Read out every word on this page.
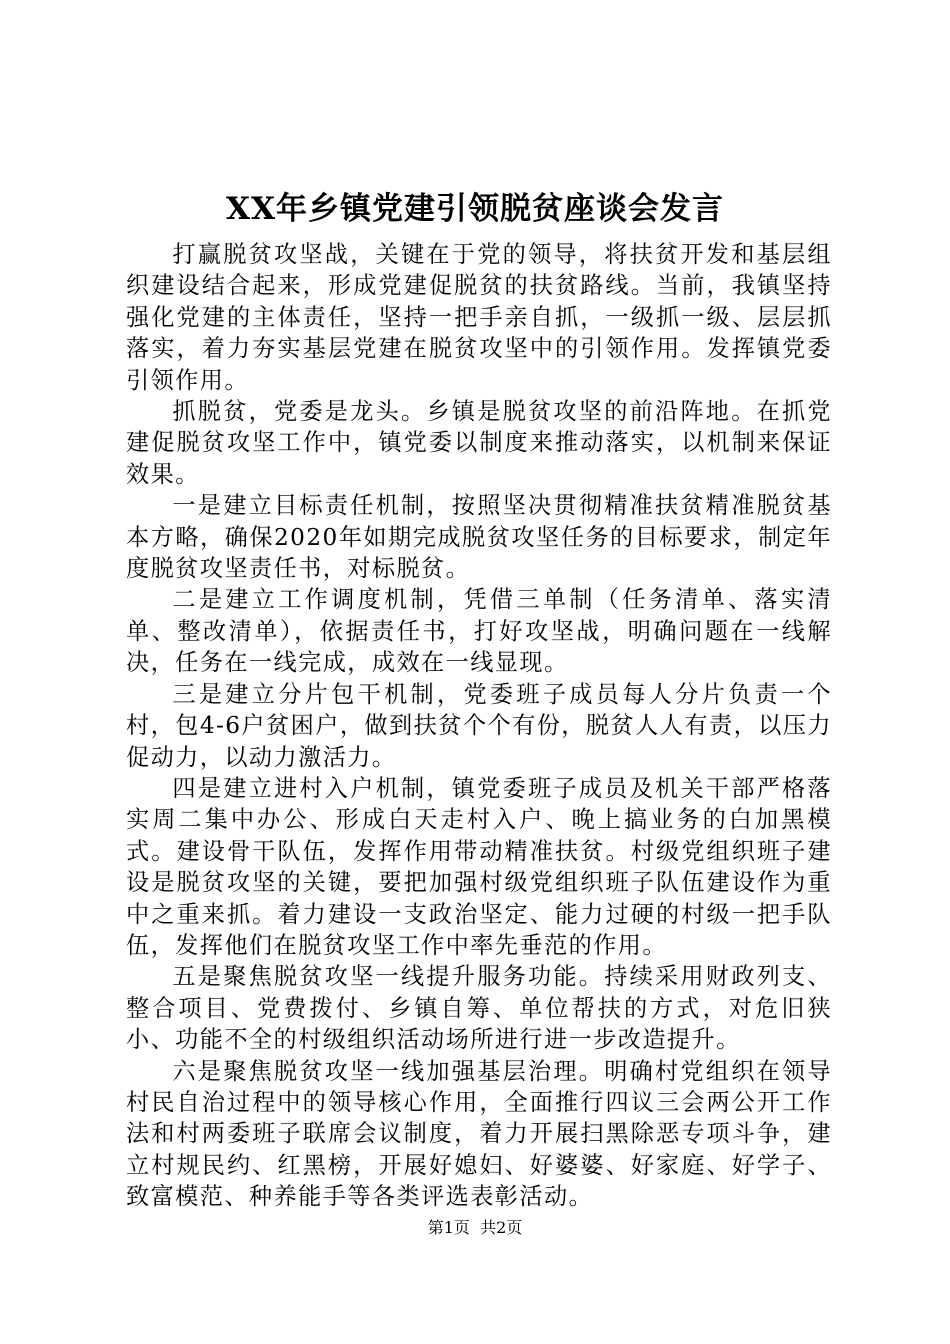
XX年乡镇党建引领脱贫座谈会发言

打赢脱贫攻坚战，关键在于党的领导，将扶贫开发和基层组织建设结合起来，形成党建促脱贫的扶贫路线。当前，我镇坚持强化党建的主体责任，坚持一把手亲自抓，一级抓一级、层层抓落实，着力夯实基层党建在脱贫攻坚中的引领作用。发挥镇党委引领作用。

抓脱贫，党委是龙头。乡镇是脱贫攻坚的前沿阵地。在抓党建促脱贫攻坚工作中，镇党委以制度来推动落实，以机制来保证效果。

一是建立目标责任机制，按照坚决贯彻精准扶贫精准脱贫基本方略，确保2020年如期完成脱贫攻坚任务的目标要求，制定年度脱贫攻坚责任书，对标脱贫。

二是建立工作调度机制，凭借三单制（任务清单、落实清单、整改清单），依据责任书，打好攻坚战，明确问题在一线解决，任务在一线完成，成效在一线显现。

三是建立分片包干机制，党委班子成员每人分片负责一个村，包4-6户贫困户，做到扶贫个个有份，脱贫人人有责，以压力促动力，以动力激活力。

四是建立进村入户机制，镇党委班子成员及机关干部严格落实周二集中办公、形成白天走村入户、晚上搞业务的白加黑模式。建设骨干队伍，发挥作用带动精准扶贫。村级党组织班子建设是脱贫攻坚的关键，要把加强村级党组织班子队伍建设作为重中之重来抓。着力建设一支政治坚定、能力过硬的村级一把手队伍，发挥他们在脱贫攻坚工作中率先垂范的作用。

五是聚焦脱贫攻坚一线提升服务功能。持续采用财政列支、整合项目、党费拨付、乡镇自筹、单位帮扶的方式，对危旧狭小、功能不全的村级组织活动场所进行进一步改造提升。

六是聚焦脱贫攻坚一线加强基层治理。明确村党组织在领导村民自治过程中的领导核心作用，全面推行四议三会两公开工作法和村两委班子联席会议制度，着力开展扫黑除恶专项斗争，建立村规民约、红黑榜，开展好媳妇、好婆婆、好家庭、好学子、致富模范、种养能手等各类评选表彰活动。

第1页 共2页
